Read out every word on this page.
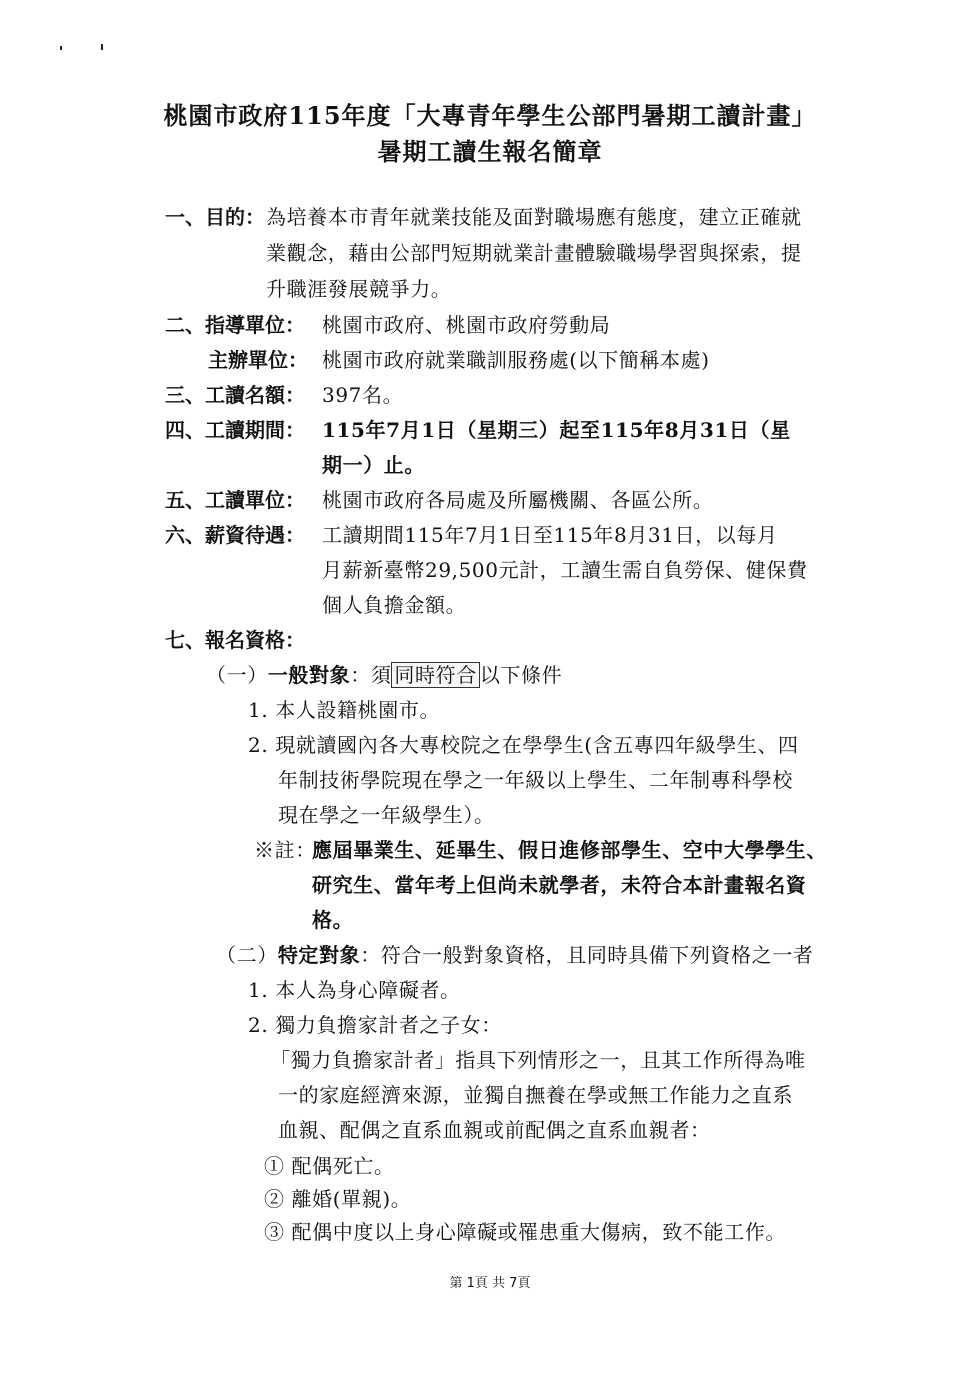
桃園市政府115年度「大專青年學生公部門暑期工讀計畫」
暑期工讀生報名簡章
一、目的： 為培養本市青年就業技能及面對職場應有態度，建立正確就
業觀念，藉由公部門短期就業計畫體驗職場學習與探索，提
升職涯發展競爭力。
二、指導單位： 桃園市政府、桃園市政府勞動局
主辦單位： 桃園市政府就業職訓服務處(以下簡稱本處)
三、工讀名額： 397名。
四、工讀期間： 115年7月1日（星期三）起至115年8月31日（星
期一）止。
五、工讀單位： 桃園市政府各局處及所屬機關、各區公所。
六、薪資待遇： 工讀期間115年7月1日至115年8月31日，以每月
月薪新臺幣29,500元計，工讀生需自負勞保、健保費
個人負擔金額。
七、報名資格：
（一）一般對象：須 同時符合 以下條件
1. 本人設籍桃園市。
2. 現就讀國內各大專校院之在學學生(含五專四年級學生、四
年制技術學院現在學之一年級以上學生、二年制專科學校
現在學之一年級學生）。
※註：
應屆畢業生、延畢生、假日進修部學生、空中大學學生、
研究生、當年考上但尚未就學者，未符合本計畫報名資
格。
（二）特定對象：符合一般對象資格，且同時具備下列資格之一者
1. 本人為身心障礙者。
2. 獨力負擔家計者之子女：
「獨力負擔家計者」指具下列情形之一，且其工作所得為唯
一的家庭經濟來源，並獨自撫養在學或無工作能力之直系
血親、配偶之直系血親或前配偶之直系血親者：
① 配偶死亡。
② 離婚(單親)。
③ 配偶中度以上身心障礙或罹患重大傷病，致不能工作。
第 1頁 共 7頁
